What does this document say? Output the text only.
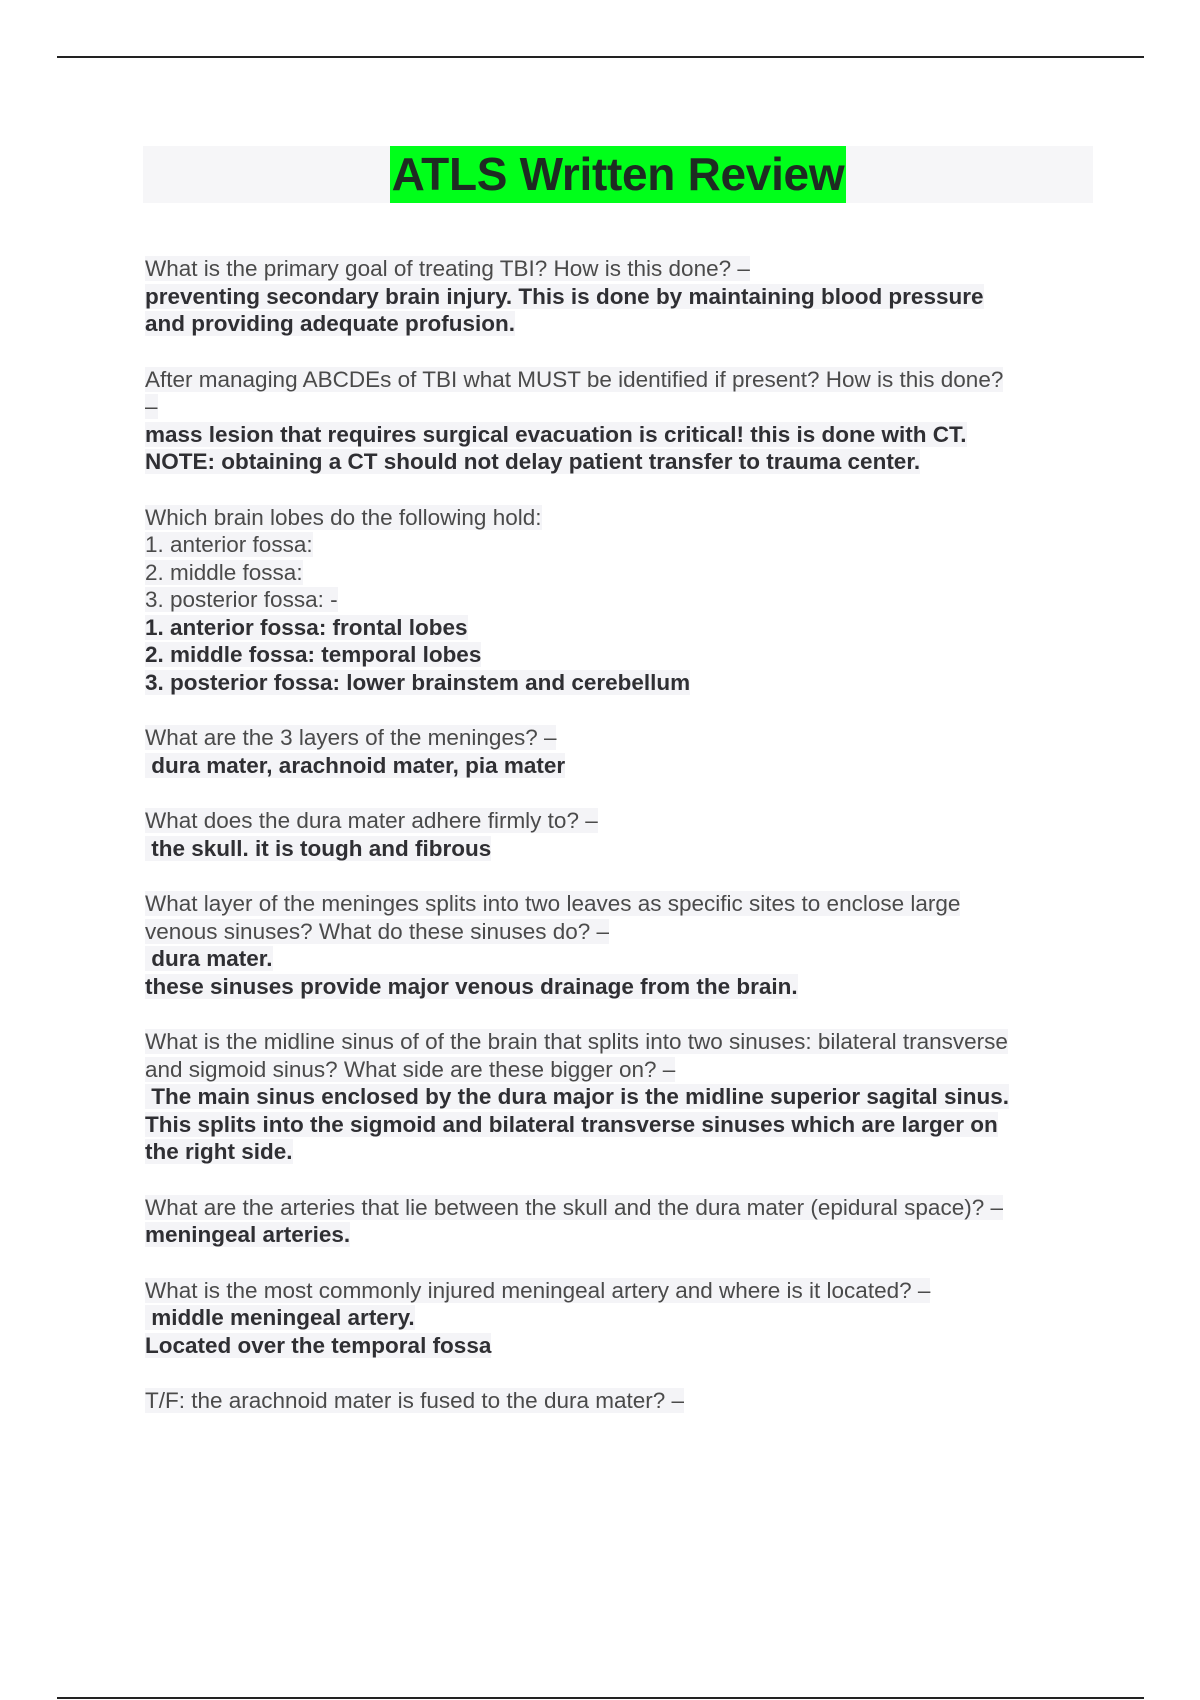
ATLS Written Review
What is the primary goal of treating TBI? How is this done? –
preventing secondary brain injury. This is done by maintaining blood pressure
and providing adequate profusion.
After managing ABCDEs of TBI what MUST be identified if present? How is this done?
–
mass lesion that requires surgical evacuation is critical! this is done with CT.
NOTE: obtaining a CT should not delay patient transfer to trauma center.
Which brain lobes do the following hold:
1. anterior fossa:
2. middle fossa:
3. posterior fossa: -
1. anterior fossa: frontal lobes
2. middle fossa: temporal lobes
3. posterior fossa: lower brainstem and cerebellum
What are the 3 layers of the meninges? –
dura mater, arachnoid mater, pia mater
What does the dura mater adhere firmly to? –
the skull. it is tough and fibrous
What layer of the meninges splits into two leaves as specific sites to enclose large
venous sinuses? What do these sinuses do? –
dura mater.
these sinuses provide major venous drainage from the brain.
What is the midline sinus of of the brain that splits into two sinuses: bilateral transverse
and sigmoid sinus? What side are these bigger on? –
The main sinus enclosed by the dura major is the midline superior sagital sinus.
This splits into the sigmoid and bilateral transverse sinuses which are larger on
the right side.
What are the arteries that lie between the skull and the dura mater (epidural space)? –
meningeal arteries.
What is the most commonly injured meningeal artery and where is it located? –
middle meningeal artery.
Located over the temporal fossa
T/F: the arachnoid mater is fused to the dura mater? –
